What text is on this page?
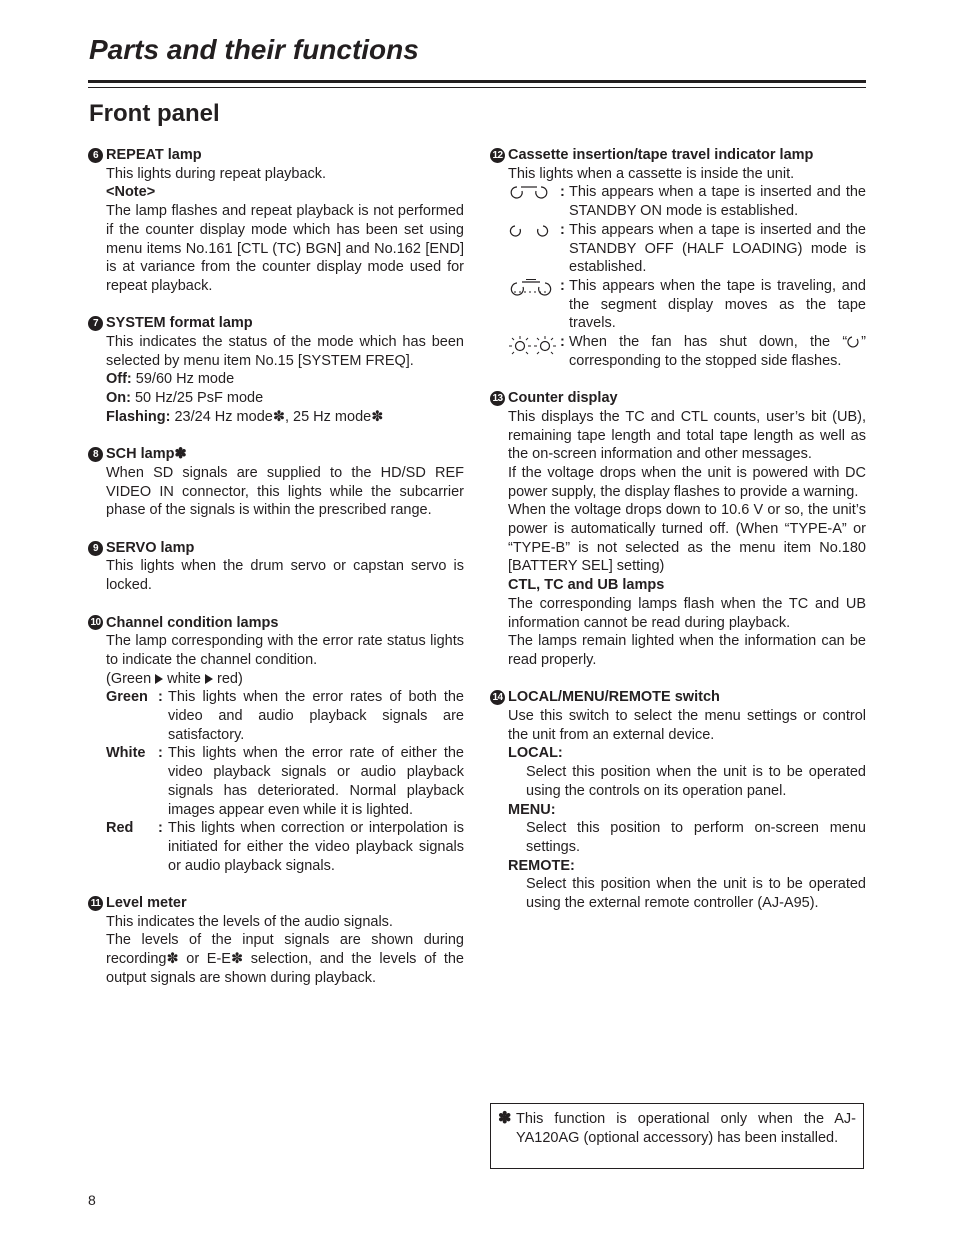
Parts and their functions
Front panel
6 REPEAT lamp

This lights during repeat playback.

<Note>

The lamp flashes and repeat playback is not performed if the counter display mode which has been set using menu items No.161 [CTL (TC) BGN] and No.162 [END] is at variance from the counter display mode used for repeat playback.

7 SYSTEM format lamp

This indicates the status of the mode which has been selected by menu item No.15 [SYSTEM FREQ].

Off: 59/60 Hz mode

On: 50 Hz/25 PsF mode

Flashing: 23/24 Hz mode✽, 25 Hz mode✽

8 SCH lamp✽

When SD signals are supplied to the HD/SD REF VIDEO IN connector, this lights while the subcarrier phase of the signals is within the prescribed range.

9 SERVO lamp

This lights when the drum servo or capstan servo is locked.

10 Channel condition lamps

The lamp corresponding with the error rate status lights to indicate the channel condition.

(Green white red)

Green : This lights when the error rates of both the video and audio playback signals are satisfactory.
White : This lights when the error rate of either the video playback signals or audio playback signals has deteriorated. Normal playback images appear even while it is lighted.
Red	: This lights when correction or interpolation is initiated for either the video playback signals or audio playback signals.
11 Level meter

This indicates the levels of the audio signals.

The levels of the input signals are shown during recording✽ or E-E✽ selection, and the levels of the output signals are shown during playback.

12 Cassette insertion/tape travel indicator lamp

This lights when a cassette is inside the unit.

: This appears when a tape is inserted and the STANDBY ON mode is established.
: This appears when a tape is inserted and the STANDBY OFF (HALF LOADING) mode is established.
: This appears when the tape is traveling, and the segment display moves as the tape travels.
: When the fan has shut down, the “ ” corresponding to the stopped side flashes.
13 Counter display

This displays the TC and CTL counts, user’s bit (UB), remaining tape length and total tape length as well as the on-screen information and other messages.

If the voltage drops when the unit is powered with DC power supply, the display flashes to provide a warning.

When the voltage drops down to 10.6 V or so, the unit’s power is automatically turned off. (When “TYPE-A” or “TYPE-B” is not selected as the menu item No.180 [BATTERY SEL] setting)

CTL, TC and UB lamps

The corresponding lamps flash when the TC and UB information cannot be read during playback.

The lamps remain lighted when the information can be read properly.

14 LOCAL/MENU/REMOTE switch

Use this switch to select the menu settings or control the unit from an external device.

LOCAL:

Select this position when the unit is to be operated using the controls on its operation panel.

MENU:

Select this position to perform on-screen menu settings.

REMOTE:

Select this position when the unit is to be operated using the external remote controller (AJ-A95).

✽ This function is operational only when the AJ-YA120AG (optional accessory) has been installed.
8
